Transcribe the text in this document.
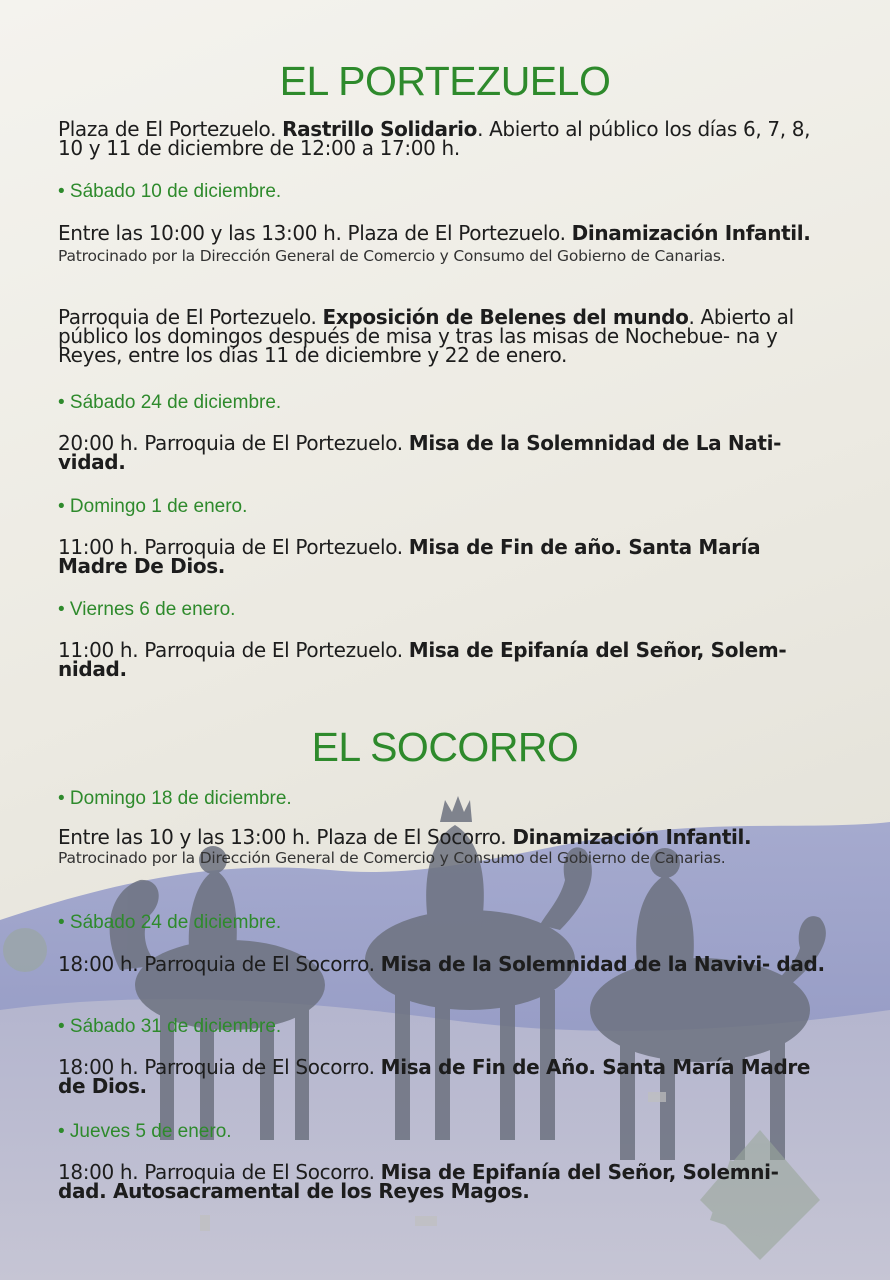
EL PORTEZUELO

Plaza de El Portezuelo. Rastrillo Solidario. Abierto al público los días 6, 7, 8, 10 y 11 de diciembre de 12:00 a 17:00 h.

• Sábado 10 de diciembre.

Entre las 10:00 y las 13:00 h. Plaza de El Portezuelo. Dinamización Infantil. Patrocinado por la Dirección General de Comercio y Consumo del Gobierno de Canarias.

Parroquia de El Portezuelo. Exposición de Belenes del mundo. Abierto al público los domingos después de misa y tras las misas de Nochebue- na y Reyes, entre los días 11 de diciembre y 22 de enero.

• Sábado 24 de diciembre.

20:00 h. Parroquia de El Portezuelo. Misa de la Solemnidad de La Nati- vidad.

• Domingo 1 de enero.

11:00 h. Parroquia de El Portezuelo. Misa de Fin de año. Santa María Madre De Dios.

• Viernes 6 de enero.

11:00 h. Parroquia de El Portezuelo. Misa de Epifanía del Señor, Solem- nidad.

EL SOCORRO
• Domingo 18 de diciembre.

Entre las 10 y las 13:00 h. Plaza de El Socorro. Dinamización Infantil.
Patrocinado por la Dirección General de Comercio y Consumo del Gobierno de Canarias.

• Sábado 24 de diciembre.

18:00 h. Parroquia de El Socorro. Misa de la Solemnidad de la Navivi- dad.

• Sábado 31 de diciembre.

18:00 h. Parroquia de El Socorro. Misa de Fin de Año. Santa María Madre de Dios.

• Jueves 5 de enero.

18:00 h. Parroquia de El Socorro. Misa de Epifanía del Señor, Solemni- dad. Autosacramental de los Reyes Magos.
